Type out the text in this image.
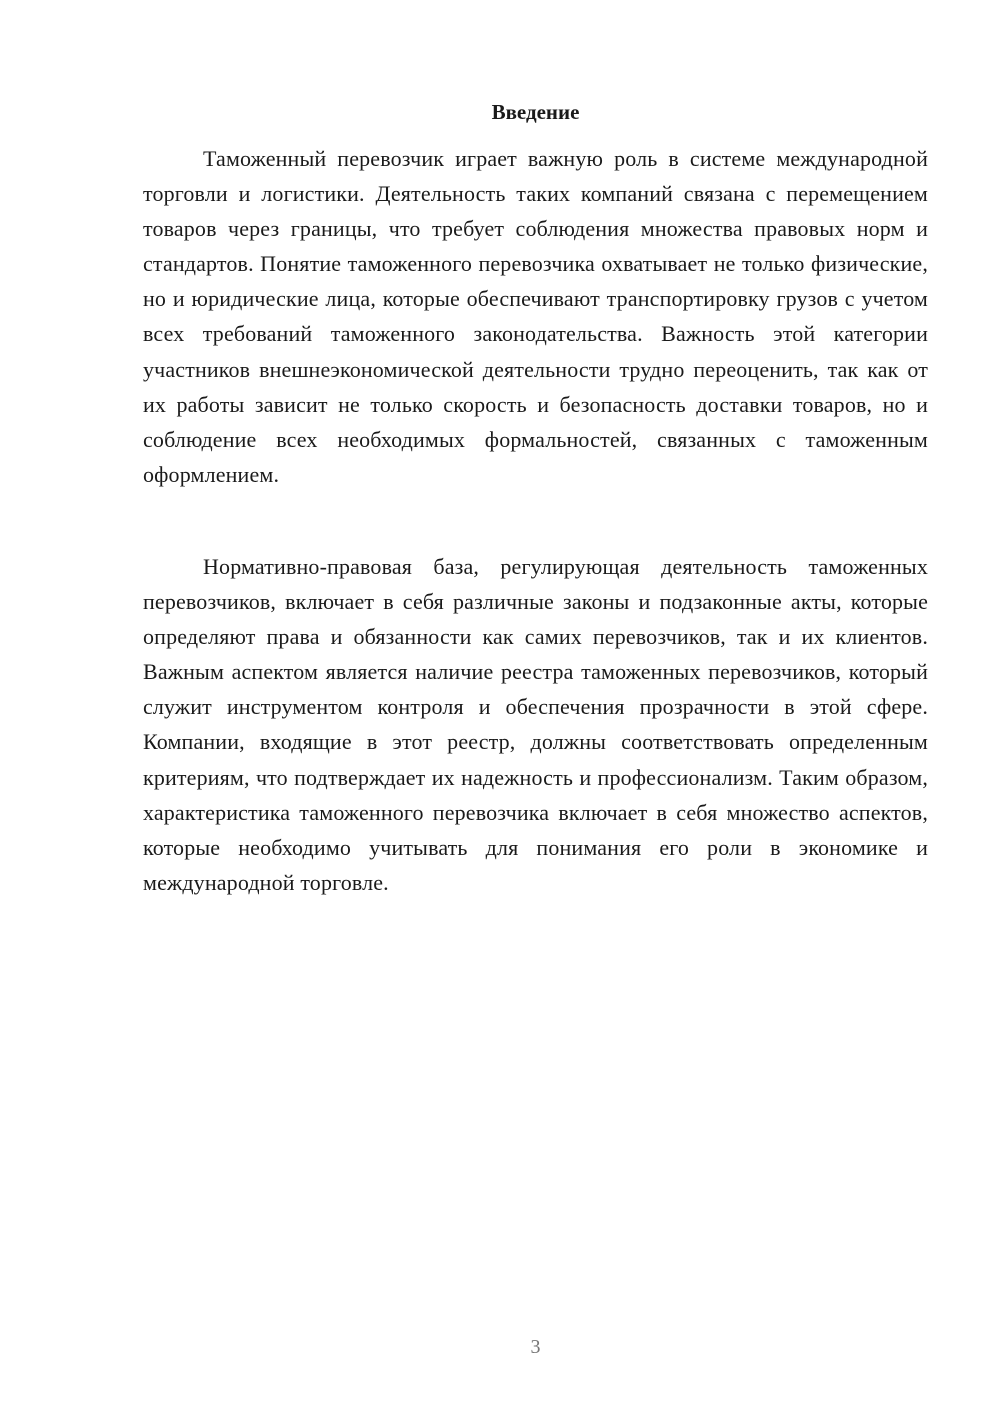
Введение

Таможенный перевозчик играет важную роль в системе международной торговли и логистики. Деятельность таких компаний связана с перемещением товаров через границы, что требует соблюдения множества правовых норм и стандартов. Понятие таможенного перевозчика охватывает не только физические, но и юридические лица, которые обеспечивают транспортировку грузов с учетом всех требований таможенного законодательства. Важность этой категории участников внешнеэкономической деятельности трудно переоценить, так как от их работы зависит не только скорость и безопасность доставки товаров, но и соблюдение всех необходимых формальностей, связанных с таможенным оформлением.

Нормативно-правовая база, регулирующая деятельность таможенных перевозчиков, включает в себя различные законы и подзаконные акты, которые определяют права и обязанности как самих перевозчиков, так и их клиентов. Важным аспектом является наличие реестра таможенных перевозчиков, который служит инструментом контроля и обеспечения прозрачности в этой сфере. Компании, входящие в этот реестр, должны соответствовать определенным критериям, что подтверждает их надежность и профессионализм. Таким образом, характеристика таможенного перевозчика включает в себя множество аспектов, которые необходимо учитывать для понимания его роли в экономике и международной торговле.

3
